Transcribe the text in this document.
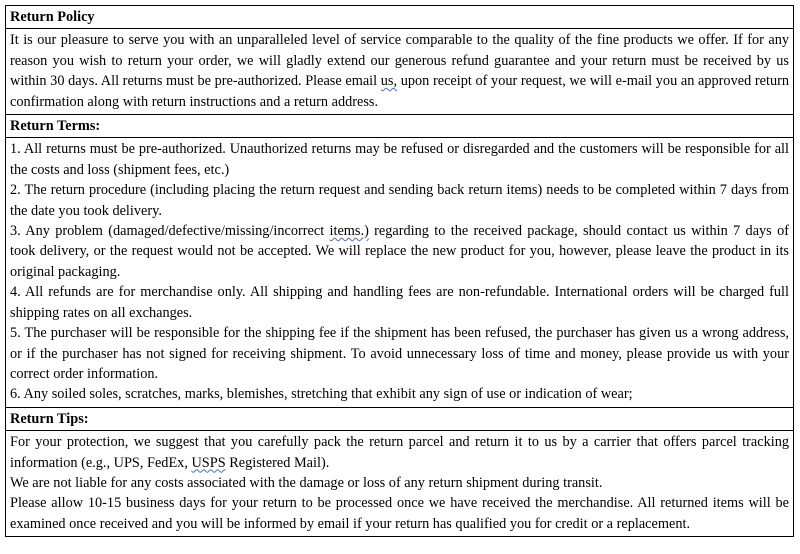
Return Policy
It is our pleasure to serve you with an unparalleled level of service comparable to the quality of the fine products we offer. If for any reason you wish to return your order, we will gladly extend our generous refund guarantee and your return must be received by us within 30 days. All returns must be pre-authorized. Please email us, upon receipt of your request, we will e-mail you an approved return confirmation along with return instructions and a return address.
Return Terms:

1. All returns must be pre-authorized. Unauthorized returns may be refused or disregarded and the customers will be responsible for all the costs and loss (shipment fees, etc.)

2. The return procedure (including placing the return request and sending back return items) needs to be completed within 7 days from the date you took delivery.

3. Any problem (damaged/defective/missing/incorrect items.) regarding to the received package, should contact us within 7 days of took delivery, or the request would not be accepted. We will replace the new product for you, however, please leave the product in its original packaging.

4. All refunds are for merchandise only. All shipping and handling fees are non-refundable. International orders will be charged full shipping rates on all exchanges.

5. The purchaser will be responsible for the shipping fee if the shipment has been refused, the purchaser has given us a wrong address, or if the purchaser has not signed for receiving shipment. To avoid unnecessary loss of time and money, please provide us with your correct order information.

6. Any soiled soles, scratches, marks, blemishes, stretching that exhibit any sign of use or indication of wear;

Return Tips:

For your protection, we suggest that you carefully pack the return parcel and return it to us by a carrier that offers parcel tracking information (e.g., UPS, FedEx, USPS Registered Mail).

We are not liable for any costs associated with the damage or loss of any return shipment during transit.

Please allow 10-15 business days for your return to be processed once we have received the merchandise. All returned items will be examined once received and you will be informed by email if your return has qualified you for credit or a replacement.
